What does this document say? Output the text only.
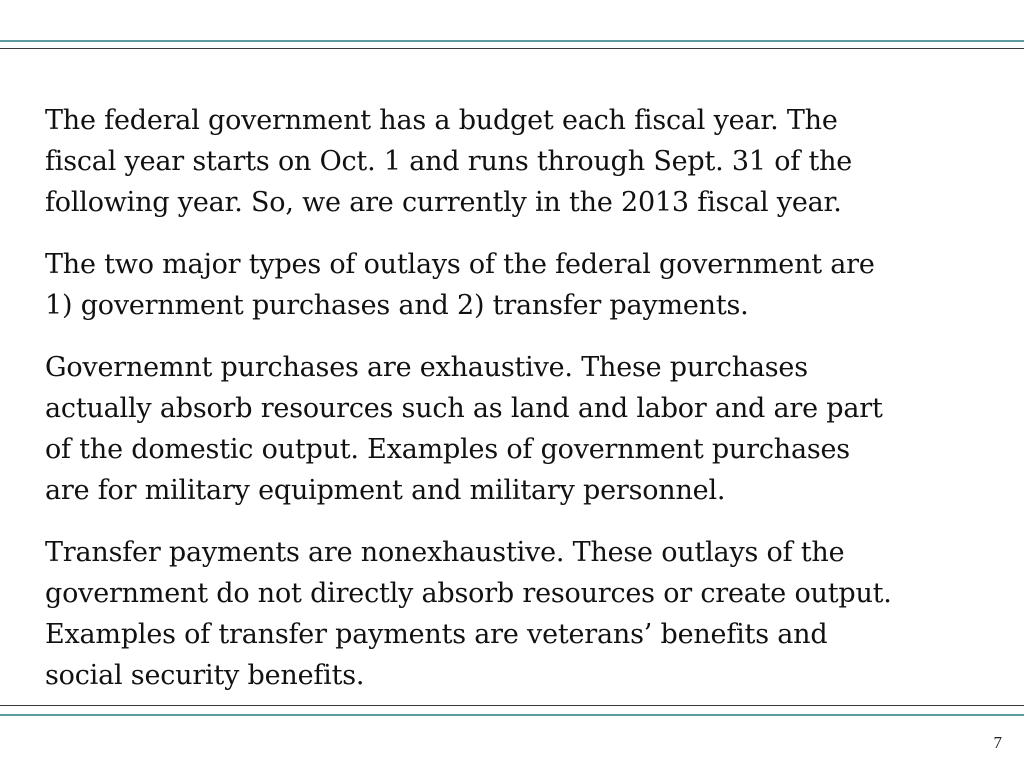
The federal government has a budget each fiscal year. The
fiscal year starts on Oct. 1 and runs through Sept. 31 of the
following year. So, we are currently in the 2013 fiscal year.

The two major types of outlays of the federal government are
1) government purchases and 2) transfer payments.

Governemnt purchases are exhaustive. These purchases
actually absorb resources such as land and labor and are part
of the domestic output. Examples of government purchases
are for military equipment and military personnel.

Transfer payments are nonexhaustive. These outlays of the
government do not directly absorb resources or create output.
Examples of transfer payments are veterans’ benefits and
social security benefits.

7
